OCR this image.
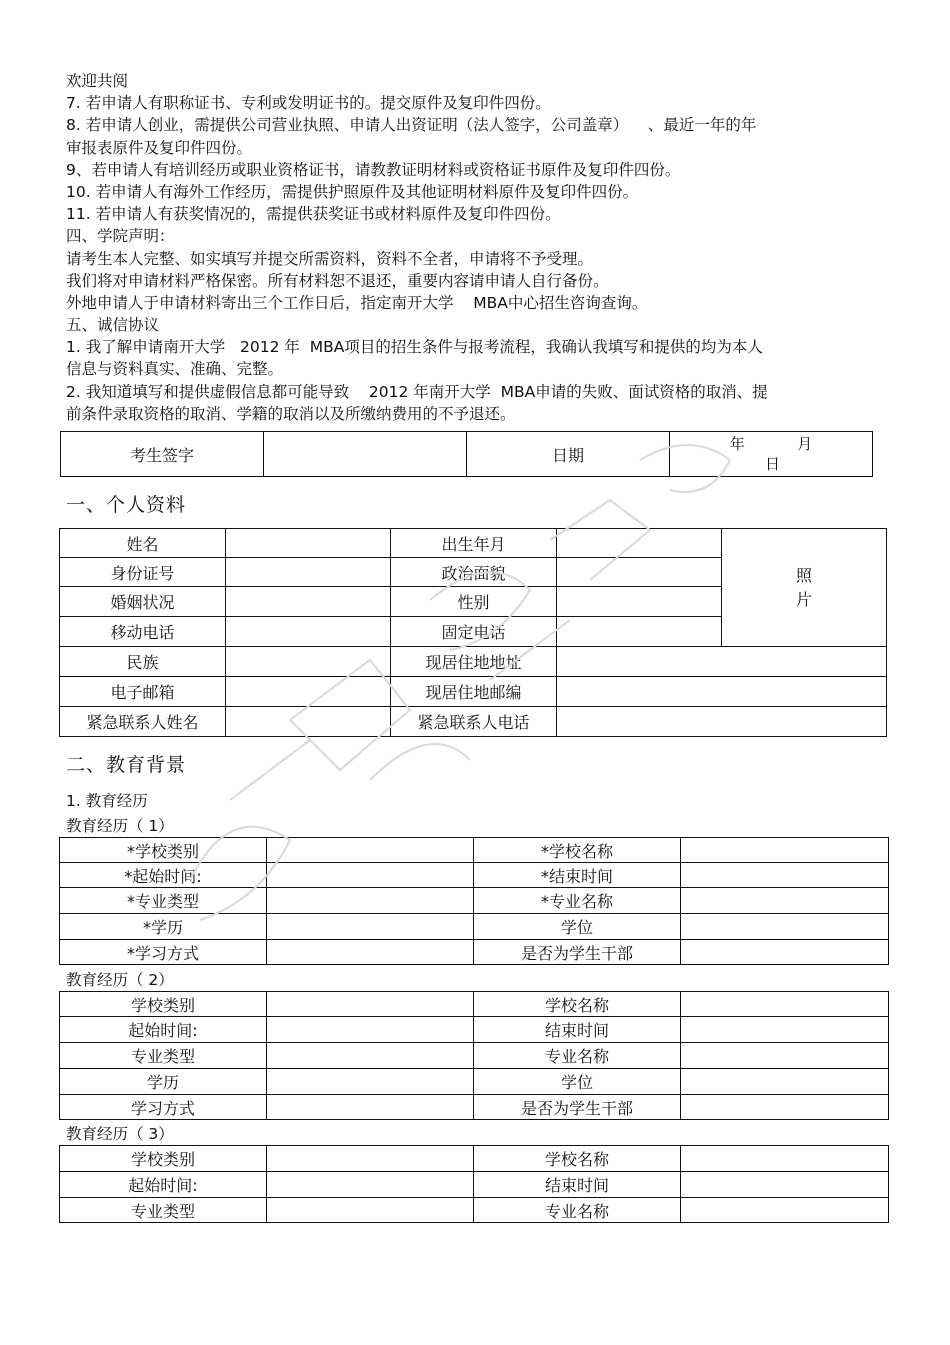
欢迎共阅
7. 若申请人有职称证书、专利或发明证书的。提交原件及复印件四份。
8. 若申请人创业，需提供公司营业执照、申请人出资证明（法人签字，公司盖章）    、最近一年的年
审报表原件及复印件四份。
9、若申请人有培训经历或职业资格证书，请教教证明材料或资格证书原件及复印件四份。
10. 若申请人有海外工作经历，需提供护照原件及其他证明材料原件及复印件四份。
11. 若申请人有获奖情况的，需提供获奖证书或材料原件及复印件四份。
四、学院声明：
请考生本人完整、如实填写并提交所需资料，资料不全者，申请将不予受理。
我们将对申请材料严格保密。所有材料恕不退还，重要内容请申请人自行备份。
外地申请人于申请材料寄出三个工作日后，指定南开大学    MBA中心招生咨询查询。
五、诚信协议
1. 我了解申请南开大学   2012 年  MBA项目的招生条件与报考流程，我确认我填写和提供的均为本人
信息与资料真实、准确、完整。
2. 我知道填写和提供虚假信息都可能导致    2012 年南开大学  MBA申请的失败、面试资格的取消、提
前条件录取资格的取消、学籍的取消以及所缴纳费用的不予退还。
考生签字		日期	
年           月
日
一、个人资料
姓名		出生年月		照
片

身份证号		政治面貌		
婚姻状况		性别		
移动电话		固定电话		
民族		现居住地地址		
电子邮箱		现居住地邮编		
紧急联系人姓名		紧急联系人电话		
二、教育背景
1. 教育经历
教育经历（ 1）
*学校类别		*学校名称	
*起始时间:		*结束时间	
*专业类型		*专业名称	
*学历		学位	
*学习方式		是否为学生干部	
教育经历（ 2）
学校类别		学校名称	
起始时间:		结束时间	
专业类型		专业名称	
学历		学位	
学习方式		是否为学生干部	
教育经历（ 3）
学校类别		学校名称	
起始时间:		结束时间	
专业类型		专业名称	
